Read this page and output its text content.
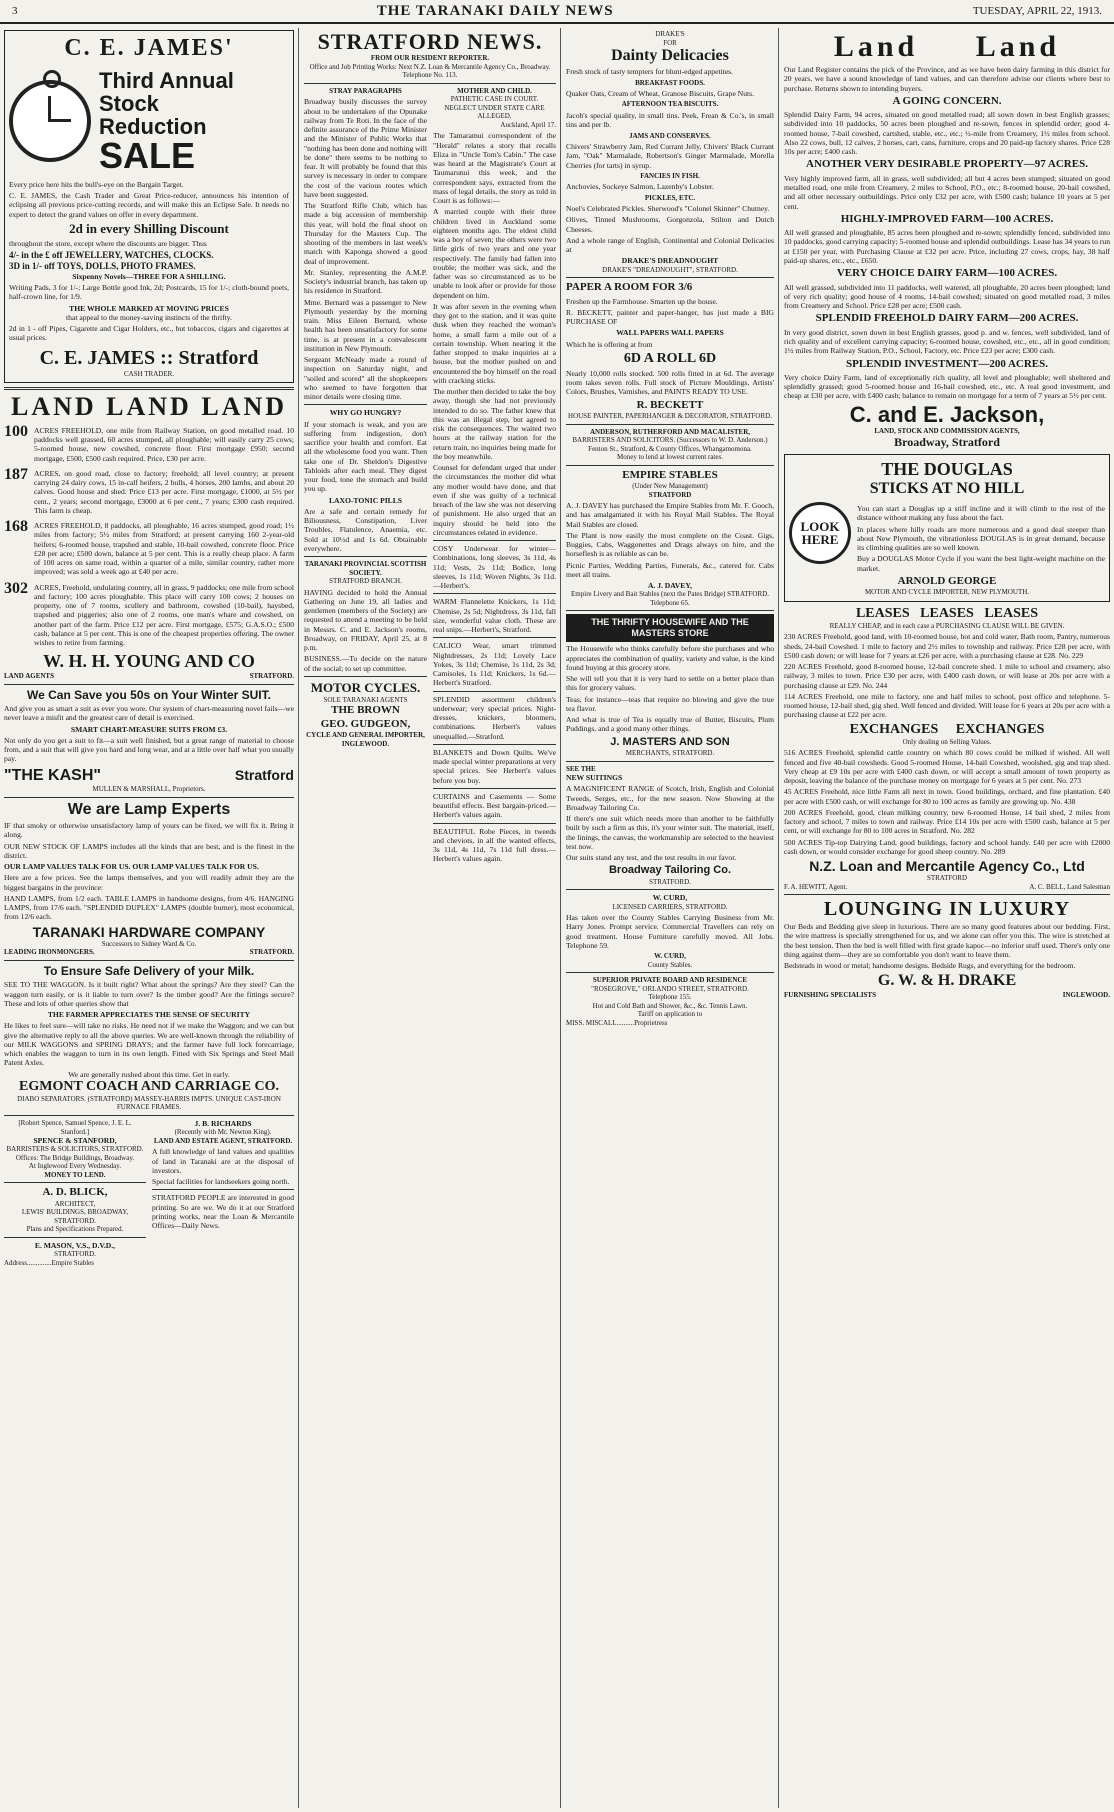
3	THE TARANAKI DAILY NEWS	TUESDAY, APRIL 22, 1913.
C. E. JAMES'
Third Annual
Stock
Reduction
SALE
Every price here hits the bull's-eye on the Bargain Target.
C. E. JAMES, the Cash Trader and Great Price-reducer, announces his intention of eclipsing all previous price-cutting records, and will make this an Eclipse Sale. It needs no expert to detect the grand values on offer in every department.
2d in every Shilling Discount
throughout the store, except where the discounts are bigger. Thus
4/- in the £ off JEWELLERY, WATCHES, CLOCKS.
3D in 1/- off TOYS, DOLLS, PHOTO FRAMES.
Sixpenny Novels—THREE FOR A SHILLING.
Writing Pads, 3 for 1/-; Large Bottle good Ink, 2d; Postcards, 15 for 1/-; cloth-bound poets, half-crown line, for 1/9.
THE WHOLE MARKED AT MOVING PRICES
that appeal to the money-saving instincts of the thrifty.
2d in 1 - off Pipes, Cigarette and Cigar Holders, etc., but tobaccos, cigars and cigarettes at usual prices.
C. E. JAMES :: Stratford
CASH TRADER.
LAND LAND LAND
100 ACRES FREEHOLD, one mile from Railway Station, on good metalled road. 10 paddocks well grassed, 60 acres stumped, all ploughable; will easily carry 25 cows; 5-roomed house, new cowshed, concrete floor. First mortgage £950; second mortgage, £500, £500 cash required. Price, £30 per acre.
187 ACRES, on good road, close to factory; freehold; all level country; at present carrying 24 dairy cows, 15 in-calf heifers, 2 bulls, 4 horses, 200 lambs, and about 20 calves. Good house and shed. Price £13 per acre. First mortgage, £1000, at 5½ per cent., 2 years; second mortgage, £3000 at 6 per cent., 7 years; £300 cash required. This farm is cheap.
168 ACRES FREEHOLD, 8 paddocks, all ploughable, 16 acres stumped, good road; 1½ miles from factory; 5½ miles from Stratford; at present carrying 160 2-year-old heifers; 6-roomed house, trapshed and stable, 10-bail cowshed, concrete floor. Price £28 per acre; £500 down, balance at 5 per cent. This is a really cheap place. A farm of 100 acres on same road, within a quarter of a mile, similar country, rather more improved; was sold a week ago at £40 per acre.
302 ACRES, Freehold, undulating country, all in grass, 9 paddocks; one mile from school and factory; 100 acres ploughable. This place will carry 100 cows; 2 houses on property, one of 7 rooms, scullery and bathroom, cowshed (10-bail), haysbed, trapshed and piggeries; also one of 2 rooms, one man's whare and cowshed, on another part of the farm. Price £12 per acre. First mortgage, £575; G.A.S.O.; £500 cash, balance at 5 per cent. This is one of the cheapest properties offering. The owner wishes to retire from farming.
W. H. H. YOUNG AND CO
LAND AGENTS	STRATFORD.
We Can Save you 50s on Your Winter SUIT.
And give you as smart a suit as ever you wore. Our system of chart-measuring novel fails—we never leave a misfit and the greatest care of detail is exercised.
SMART CHART-MEASURE SUITS FROM £3.
Not only do you get a suit to fit—a suit well finished, but a great range of material to choose from, and a suit that will give you hard and long wear, and at a little over half what you usually pay.
"THE KASH"	Stratford
MULLEN & MARSHALL, Proprietors.
We are Lamp Experts
IF that smoky or otherwise unsatisfactory lamp of yours can be fixed, we will fix it. Bring it along.
OUR NEW STOCK OF LAMPS includes all the kinds that are best, and is the finest in the district.
OUR LAMP VALUES TALK FOR US. OUR LAMP VALUES TALK FOR US.
Here are a few prices. See the lamps themselves, and you will readily admit they are the biggest bargains in the province:
HAND LAMPS, from 1/2 each. TABLE LAMPS in handsome designs, from 4/6. HANGING LAMPS, from 17/6 each. "SPLENDID DUPLEX" LAMPS (double burner), most economical, from 12/6 each.
TARANAKI HARDWARE COMPANY
Successors to Sidney Ward & Co.
LEADING IRONMONGERS.	STRATFORD.
To Ensure Safe Delivery of your Milk.
SEE TO THE WAGGON. Is it built right? What about the springs? Are they steel? Can the waggon turn easily, or is it liable to turn over? Is the timber good? Are the fittings secure? These and lots of other queries show that
THE FARMER APPRECIATES THE SENSE OF SECURITY
He likes to feel sure—will take no risks. He need not if we make the Waggon; and we can but give the alternative reply to all the above queries. We are well-known through the reliability of our MILK WAGGONS and SPRING DRAYS; and the farmer have full lock forecarriage, which enables the waggon to turn in its own length. Fitted with Six Springs and Steel Mail Patent Axles.
We are generally rushed about this time. Get in early.
EGMONT COACH AND CARRIAGE CO.
DIABO SEPARATORS. (STRATFORD) MASSEY-HARRIS IMPTS. UNIQUE CAST-IRON FURNACE FRAMES.
[Robert Spence, Samuel Spence, J. E. L. Stanford.]
SPENCE & STANFORD,
BARRISTERS & SOLICITORS, STRATFORD.
Offices: The Bridge Buildings, Broadway.
At Inglewood Every Wednesday.
MONEY TO LEND.
A. D. BLICK,
ARCHITECT,
LEWIS' BUILDINGS, BROADWAY, STRATFORD.
Plans and Specifications Prepared.
E. MASON, V.S., D.V.D.,
STRATFORD.
Address..............Empire Stables
J. B. RICHARDS
(Recently with Mr. Newton King).
LAND AND ESTATE AGENT, STRATFORD.
A full knowledge of land values and qualities of land in Taranaki are at the disposal of investors.
Special facilities for landseekers going north.
STRATFORD PEOPLE are interested in good printing. So are we. We do it at our Stratford printing works, near the Loan & Mercantile Offices—Daily News.
STRATFORD NEWS.
FROM OUR RESIDENT REPORTER.
Office and Job Printing Works: Next N.Z. Loan & Mercantile Agency Co., Broadway.
Telephone No. 113.
STRAY PARAGRAPHS
Broadway busily discusses the survey about to be undertaken of the Opunake railway from Te Roti. In the face of the definite assurance of the Prime Minister and the Minister of Public Works that "nothing has been done and nothing will be done" there seems to be nothing to fear. It will probably be found that this survey is necessary in order to compare the cost of the various routes which have been suggested.
The Stratford Rifle Club, which has made a big accession of membership this year, will hold the final shoot on Thursday for the Masters Cup. The shooting of the members in last week's match with Kaponga showed a good deal of improvement.
Mr. Stanley, representing the A.M.P. Society's industrial branch, has taken up his residence in Stratford.
Mme. Bernard was a passenger to New Plymouth yesterday by the morning train. Miss Eileen Bernard, whose health has been unsatisfactory for some time, is at present in a convalescent institution in New Plymouth.
Sergeant McNeady made a round of inspection on Saturday night, and "soiled and scored" all the shopkeepers who seemed to have forgotten that minor details were closing time.
WHY GO HUNGRY?
If your stomach is weak, and you are suffering from indigestion, don't sacrifice your health and comfort. Eat all the wholesome food you want. Then take one of Dr. Sheldon's Digestive Tabloids after each meal. They digest your food, tone the stomach and build you up.
LAXO-TONIC PILLS
Are a safe and certain remedy for Biliousness, Constipation, Liver Troubles, Flatulence, Anaemia, etc. Sold at 10½d and 1s 6d. Obtainable everywhere.
TARANAKI PROVINCIAL SCOTTISH SOCIETY.
STRATFORD BRANCH.
HAVING decided to hold the Annual Gathering on June 19, all ladies and gentlemen (members of the Society) are requested to attend a meeting to be held in Messrs. C. and E. Jackson's rooms, Broadway, on FRIDAY, April 25, at 8 p.m.
BUSINESS.—To decide on the nature of the social; to set up committee.
MOTOR CYCLES.
SOLE TARANAKI AGENTS
THE BROWN
GEO. GUDGEON,
CYCLE AND GENERAL IMPORTER, INGLEWOOD.
MOTHER AND CHILD.
PATHETIC CASE IN COURT.
NEGLECT UNDER STATE CARE ALLEGED.
Auckland, April 17.
The Tamaramui correspondent of the "Herald" relates a story that recalls Eliza in "Uncle Tom's Cabin." The case was heard at the Magistrate's Court at Taumarunui this week, and the correspondent says, extracted from the mass of legal details, the story as told in Court is as follows:—
A married couple with their three children lived in Auckland some eighteen months ago. The eldest child was a boy of seven; the others were two little girls of two years and one year respectively. The family had fallen into trouble; the mother was sick, and the father was so circumstanced as to be unable to look after or provide for those dependent on him.
It was after seven in the evening when they got to the station, and it was quite dusk when they reached the woman's home, a small farm a mile out of a certain township. When nearing it the father stopped to make inquiries at a house, but the mother pushed on and encountered the boy himself on the road with cracking sticks.
The mother then decided to take the boy away, though she had not previously intended to do so. The father knew that this was an illegal step, but agreed to risk the consequences. The waited two hours at the railway station for the return train, no inquiries being made for the boy meanwhile.
Counsel for defendant urged that under the circumstances the mother did what any mother would have done, and that even if she was guilty of a technical breach of the law she was not deserving of punishment. He also urged that an inquiry should be held into the circumstances related in evidence.
COSY Underwear for winter—Combinations, long sleeves, 3s 11d, 4s 11d; Vests, 2s 11d; Bodice, long sleeves, 1s 11d; Woven Nights, 3s 11d.—Herbert's.
WARM Flannelette Knickers, 1s 11d; Chemise, 2s 5d; Nightdress, 3s 11d, fall size, wonderful value cloth. These are real snips.—Herbert's, Stratford.
CALICO Wear, smart trimmed Nightdresses, 2s 11d; Lovely Lace Yokes, 3s 11d; Chemise, 1s 11d, 2s 3d; Camisoles, 1s 11d; Knickers, 1s 6d.—Herbert's Stratford.
SPLENDID assortment children's underwear; very special prices. Night-dresses, knickers, bloomers, combinations. Herbert's values unequalled.—Stratford.
BLANKETS and Down Quilts. We've made special winter preparations at very special prices. See Herbert's values before you buy.
CURTAINS and Casements — Some beautiful effects. Best bargain-priced.—Herbert's values again.
BEAUTIFUL Robe Pieces, in tweeds and cheviots, in all the wanted effects, 3s 11d, 4s 11d, 7s 11d full dress.—Herbert's values again.
DRAKE'S
FOR
Dainty Delicacies
Fresh stock of tasty tempters for blunt-edged appetites.
BREAKFAST FOODS.
Quaker Oats, Cream of Wheat, Granose Biscuits, Grape Nuts.
AFTERNOON TEA BISCUITS.
Jacob's special quality, in small tins. Peek, Frean & Co.'s, in small tins and per lb.
JAMS AND CONSERVES.
Chivers' Strawberry Jam, Red Currant Jelly, Chivers' Black Currant Jam, "Oak" Marmalade, Robertson's Ginger Marmalade, Morella Cherries (for tarts) in syrup.
FANCIES IN FISH.
Anchovies, Sockeye Salmon, Lazenby's Lobster.
PICKLES, ETC.
Noel's Celebrated Pickles. Sherwood's "Colonel Skinner" Chutney.
Olives, Tinned Mushrooms, Gorgonzola, Stilton and Dutch Cheeses.
And a whole range of English, Continental and Colonial Delicacies at
DRAKE'S DREADNOUGHT
DRAKE'S "DREADNOUGHT", STRATFORD.
PAPER A ROOM FOR 3/6
Freshen up the Farmhouse. Smarten up the house.
R. BECKETT, painter and paper-hanger, has just made a BIG PURCHASE OF
WALL PAPERS WALL PAPERS
Which he is offering at from
6D A ROLL 6D
Nearly 10,000 rolls stocked. 500 rolls fitted in at 6d. The average room takes seven rolls. Full stock of Picture Mouldings, Artists' Colors, Brushes, Varnishes, and PAINTS READY TO USE.
R. BECKETT
HOUSE PAINTER, PAPERHANGER & DECORATOR, STRATFORD.
ANDERSON, RUTHERFORD AND MACALISTER,
BARRISTERS AND SOLICITORS. (Successors to W. D. Anderson.)
Fenton St., Stratford, & County Offices, Whangamomona.
Money to lend at lowest current rates.
EMPIRE STABLES
(Under New Management)
STRATFORD
A. J. DAVEY has purchased the Empire Stables from Mr. F. Gooch, and has amalgamated it with his Royal Mail Stables. The Royal Mail Stables are closed.
The Plant is now easily the most complete on the Coast. Gigs, Buggies, Cabs, Waggonettes and Drags always on hire, and the horseflesh is as reliable as can be.
Picnic Parties, Wedding Parties, Funerals, &c., catered for. Cabs meet all trains.
A. J. DAVEY,
Empire Livery and Bait Stables (next the Pates Bridge) STRATFORD. Telephone 65.
THE THRIFTY HOUSEWIFE AND THE MASTERS STORE
The Housewife who thinks carefully before she purchases and who appreciates the combination of quality, variety and value, is the kind found buying at this grocery store.
She will tell you that it is very hard to settle on a better place than this for grocery values.
Teas, for instance—teas that require no blowing and give the true tea flavor.
And what is true of Tea is equally true of Butter, Biscuits, Plum Puddings, and a good many other things.
J. MASTERS AND SON
MERCHANTS, STRATFORD.
SEE THE
NEW SUITINGS
A MAGNIFICENT RANGE of Scotch, Irish, English and Colonial Tweeds, Serges, etc., for the new season. Now Showing at the Broadway Tailoring Co.
If there's one suit which needs more than another to be faithfully built by such a firm as this, it's your winter suit. The material, itself, the linings, the canvas, the workmanship are selected to the heaviest test now.
Our suits stand any test, and the test results in our favor.
Broadway Tailoring Co.
STRATFORD.
W. CURD,
LICENSED CARRIERS, STRATFORD.
Has taken over the County Stables Carrying Business from Mr. Harry Jones. Prompt service. Commercial Travellers can rely on good treatment. House Furniture carefully moved. All Jobs. Telephone 59.
W. CURD,
County Stables.
SUPERIOR PRIVATE BOARD AND RESIDENCE
"ROSEGROVE," ORLANDO STREET, STRATFORD.
Telephone 155.
Hot and Cold Bath and Shower, &c., &c. Tennis Lawn.
Tariff on application to
MISS. MISCALL..........Proprietress
Land     Land
Our Land Register contains the pick of the Province, and as we have been dairy farming in this district for 20 years, we have a sound knowledge of land values, and can therefore advise our clients where best to purchase. Returns shown to intending buyers.
A GOING CONCERN.
Splendid Dairy Farm, 94 acres, situated on good metalled road; all sown down in best English grasses; subdivided into 10 paddocks, 50 acres been ploughed and re-sown, fences in splendid order; good 4-roomed house, 7-bail cowshed, cartshed, stable, etc., etc.; ½-mile from Creamery, 1½ miles from school. Also 22 cows, bull, 12 calves, 2 horses, cart, cans, furniture, crops and 20 paid-up factory shares. Price £28 10s per acre; £400 cash.
ANOTHER VERY DESIRABLE PROPERTY—97 ACRES.
Very highly improved farm, all in grass, well subdivided; all but 4 acres been stumped; situated on good metalled road, one mile from Creamery, 2 miles to School, P.O., etc.; 8-roomed house, 20-bail cowshed, and all other necessary outbuildings. Price only £32 per acre, with £500 cash; balance 10 years at 5 per cent.
HIGHLY-IMPROVED FARM—100 ACRES.
All well grassed and ploughable, 85 acres been ploughed and re-sown; splendidly fenced, subdivided into 10 paddocks, good carrying capacity; 5-roomed house and splendid outbuildings. Lease has 34 years to run at £150 per year, with Purchasing Clause at £32 per acre. Price, including 27 cows, crops, hay, 38 half paid-up shares, etc., etc., £650.
VERY CHOICE DAIRY FARM—100 ACRES.
All well grassed, subdivided into 11 paddocks, well watered, all ploughable, 20 acres been ploughed; land of very rich quality; good house of 4 rooms, 14-bail cowshed; situated on good metalled road, 3 miles from Creamery and School. Price £28 per acre; £500 cash.
SPLENDID FREEHOLD DAIRY FARM—200 ACRES.
In very good district, sown down in best English grasses, good p. and w. fences, well subdivided, land of rich quality and of excellent carrying capacity; 6-roomed house, cowshed, etc., etc., all in good condition; 1½ miles from Railway Station, P.O., School, Factory, etc. Price £23 per acre; £300 cash.
SPLENDID INVESTMENT—200 ACRES.
Very choice Dairy Farm, land of exceptionally rich quality, all level and ploughable; well sheltered and splendidly grassed; good 5-roomed house and 16-bail cowshed, etc., etc. A real good investment, and cheap at £30 per acre, with £400 cash; balance to remain on mortgage for a term of 7 years at 5½ per cent.
C. and E. Jackson,
LAND, STOCK AND COMMISSION AGENTS,
Broadway, Stratford
THE DOUGLAS
STICKS AT NO HILL
LOOK
HERE
You can start a Douglas up a stiff incline and it will climb to the rest of the distance without making any fuss about the fact.
In places where hilly roads are more numerous and a good deal steeper than about New Plymouth, the vibrationless DOUGLAS is in great demand, because its climbing qualities are so well known.
Buy a DOUGLAS Motor Cycle if you want the best light-weight machine on the market.
ARNOLD GEORGE
MOTOR AND CYCLE IMPORTER, NEW PLYMOUTH.
LEASES   LEASES   LEASES
REALLY CHEAP, and in each case a PURCHASING CLAUSE WILL BE GIVEN.
230 ACRES Freehold, good land, with 10-roomed house, hot and cold water, Bath room, Pantry, numerous sheds, 24-bail Cowshed. 1 mile to factory and 2½ miles to township and railway. Price £28 per acre, with £500 cash down; or will lease for 7 years at £26 per acre, with a purchasing clause at £28. No. 229
220 ACRES Freehold, good 8-roomed house, 12-bail concrete shed. 1 mile to school and creamery, also railway, 3 miles to town. Price £30 per acre, with £400 cash down, or will lease at 20s per acre with a purchasing clause at £29. No. 244
114 ACRES Freehold, one mile to factory, one and half miles to school, post office and telephone. 5-roomed house, 12-bail shed, gig shed. Well fenced and divided. Will lease for 6 years at 20s per acre with a purchasing clause at £22 per acre.
EXCHANGES     EXCHANGES
Only dealing on Selling Values.
516 ACRES Freehold, splendid cattle country on which 80 cows could be milked if wished. All well fenced and five 40-bail cowsheds. Good 5-roomed House, 14-bail Cowshed, woolshed, gig and trap shed. Very cheap at £9 10s per acre with £400 cash down, or will accept a small amount of town property as deposit, leaving the balance of the purchase money on mortgage for 6 years at 5 per cent. No. 273
45 ACRES Freehold, nice little Farm all next in town. Good buildings, orchard, and fine plantation. £40 per acre with £500 cash, or will exchange for 80 to 100 acres as family are growing up. No. 438
200 ACRES Freehold, good, clean milking country, new 6-roomed House, 14 bail shed, 2 miles from factory and school, 7 miles to town and railway. Price £14 10s per acre with £500 cash, balance at 5 per cent, or will exchange for 80 to 100 acres in Stratford. No. 282
500 ACRES Tip-top Dairying Land, good buildings, factory and school handy. £40 per acre with £2000 cash down, or would consider exchange for good sheep country. No. 289
N.Z. Loan and Mercantile Agency Co., Ltd
STRATFORD
F. A. HEWITT, Agent.	A. C. BELL, Land Salesman
LOUNGING IN LUXURY
Our Beds and Bedding give sleep in luxurious. There are so many good features about our bedding. First, the wire mattress is specially strengthened for us, and we alone can offer you this. The wire is stretched at the best tension. Then the bed is well filled with first grade kapoc—no inferior stuff used. There's only one thing against them—they are so comfortable you don't want to leave them.
Bedsteads in wood or metal; handsome designs. Bedside Rugs, and everything for the bedroom.
G. W. & H. DRAKE
FURNISHING SPECIALISTS	INGLEWOOD.
